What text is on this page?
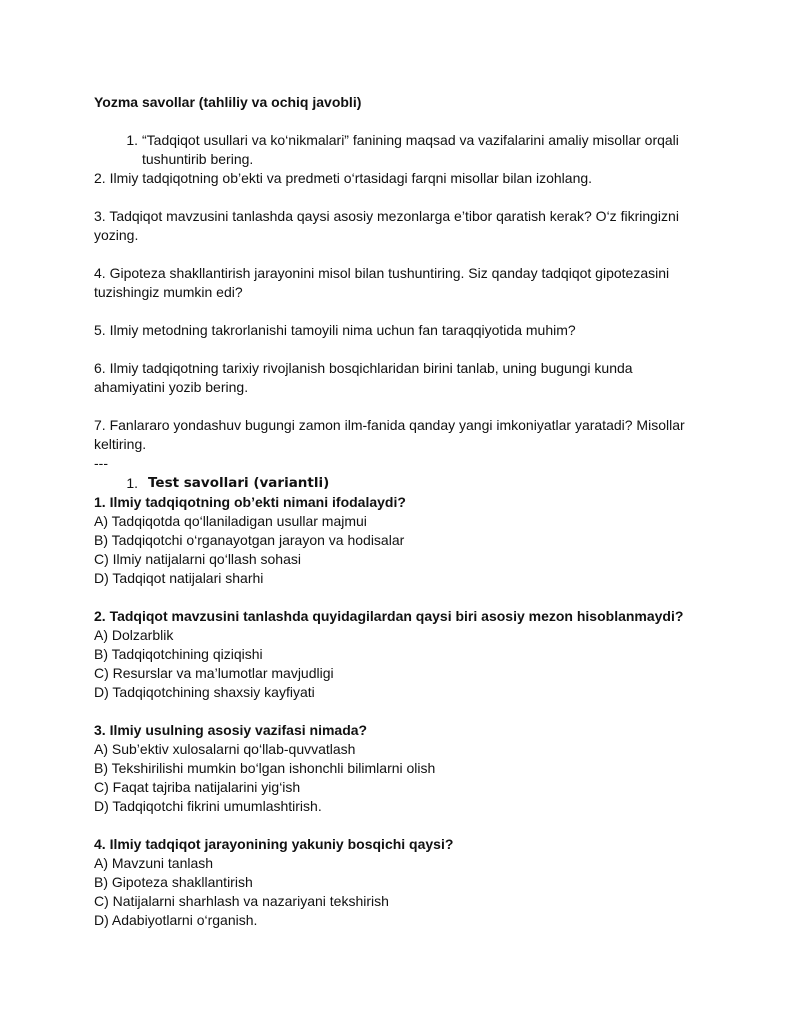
Yozma savollar (tahliliy va ochiq javobli)

1. “Tadqiqot usullari va ko‘nikmalari” fanining maqsad va vazifalarini amaliy misollar orqali tushuntirib bering.

2. Ilmiy tadqiqotning ob’ekti va predmeti o‘rtasidagi farqni misollar bilan izohlang.

3. Tadqiqot mavzusini tanlashda qaysi asosiy mezonlarga e’tibor qaratish kerak? O‘z fikringizni yozing.

4. Gipoteza shakllantirish jarayonini misol bilan tushuntiring. Siz qanday tadqiqot gipotezasini tuzishingiz mumkin edi?

5. Ilmiy metodning takrorlanishi tamoyili nima uchun fan taraqqiyotida muhim?

6. Ilmiy tadqiqotning tarixiy rivojlanish bosqichlaridan birini tanlab, uning bugungi kunda ahamiyatini yozib bering.

7. Fanlararo yondashuv bugungi zamon ilm-fanida qanday yangi imkoniyatlar yaratadi? Misollar keltiring.

---

1. Test savollari (variantli)

1. Ilmiy tadqiqotning ob’ekti nimani ifodalaydi?

A) Tadqiqotda qo‘llaniladigan usullar majmui

B) Tadqiqotchi o‘rganayotgan jarayon va hodisalar

C) Ilmiy natijalarni qo‘llash sohasi

D) Tadqiqot natijalari sharhi

2. Tadqiqot mavzusini tanlashda quyidagilardan qaysi biri asosiy mezon hisoblanmaydi?

A) Dolzarblik

B) Tadqiqotchining qiziqishi

C) Resurslar va ma’lumotlar mavjudligi

D) Tadqiqotchining shaxsiy kayfiyati

3. Ilmiy usulning asosiy vazifasi nimada?

A) Sub’ektiv xulosalarni qo‘llab-quvvatlash

B) Tekshirilishi mumkin bo‘lgan ishonchli bilimlarni olish

C) Faqat tajriba natijalarini yig‘ish

D) Tadqiqotchi fikrini umumlashtirish.

4. Ilmiy tadqiqot jarayonining yakuniy bosqichi qaysi?

A) Mavzuni tanlash

B) Gipoteza shakllantirish

C) Natijalarni sharhlash va nazariyani tekshirish

D) Adabiyotlarni o‘rganish.
